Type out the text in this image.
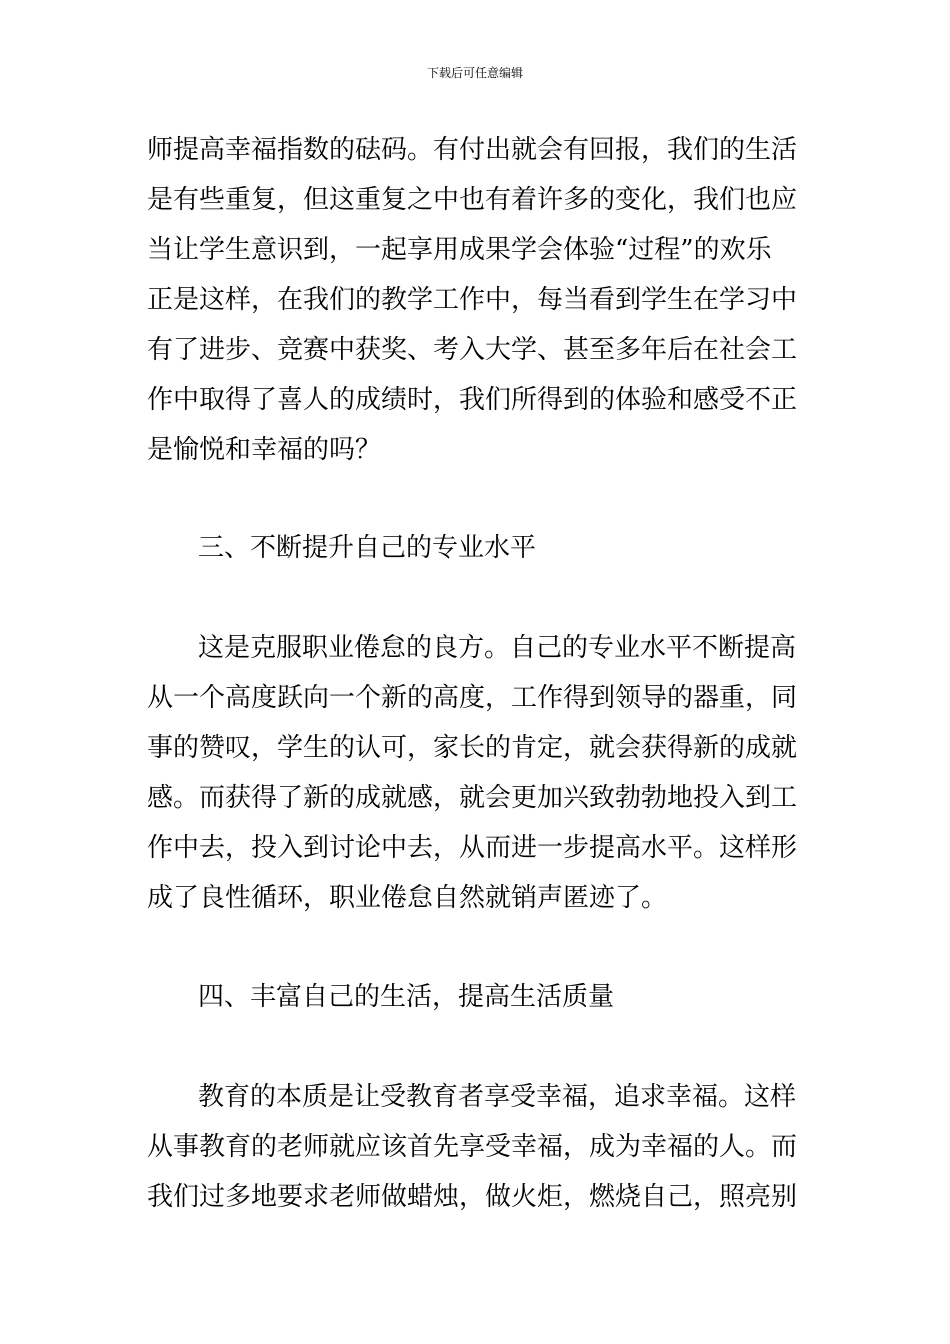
下载后可任意编辑
师提高幸福指数的砝码。有付出就会有回报，我们的生活
是有些重复，但这重复之中也有着许多的变化，我们也应
当让学生意识到，一起享用成果学会体验“过程”的欢乐
正是这样，在我们的教学工作中，每当看到学生在学习中
有了进步、竞赛中获奖、考入大学、甚至多年后在社会工
作中取得了喜人的成绩时，我们所得到的体验和感受不正
是愉悦和幸福的吗？
三、不断提升自己的专业水平
这是克服职业倦怠的良方。自己的专业水平不断提高
从一个高度跃向一个新的高度，工作得到领导的器重，同
事的赞叹，学生的认可，家长的肯定，就会获得新的成就
感。而获得了新的成就感，就会更加兴致勃勃地投入到工
作中去，投入到讨论中去，从而进一步提高水平。这样形
成了良性循环，职业倦怠自然就销声匿迹了。
四、丰富自己的生活，提高生活质量
教育的本质是让受教育者享受幸福，追求幸福。这样
从事教育的老师就应该首先享受幸福，成为幸福的人。而
我们过多地要求老师做蜡烛，做火炬，燃烧自己，照亮别
